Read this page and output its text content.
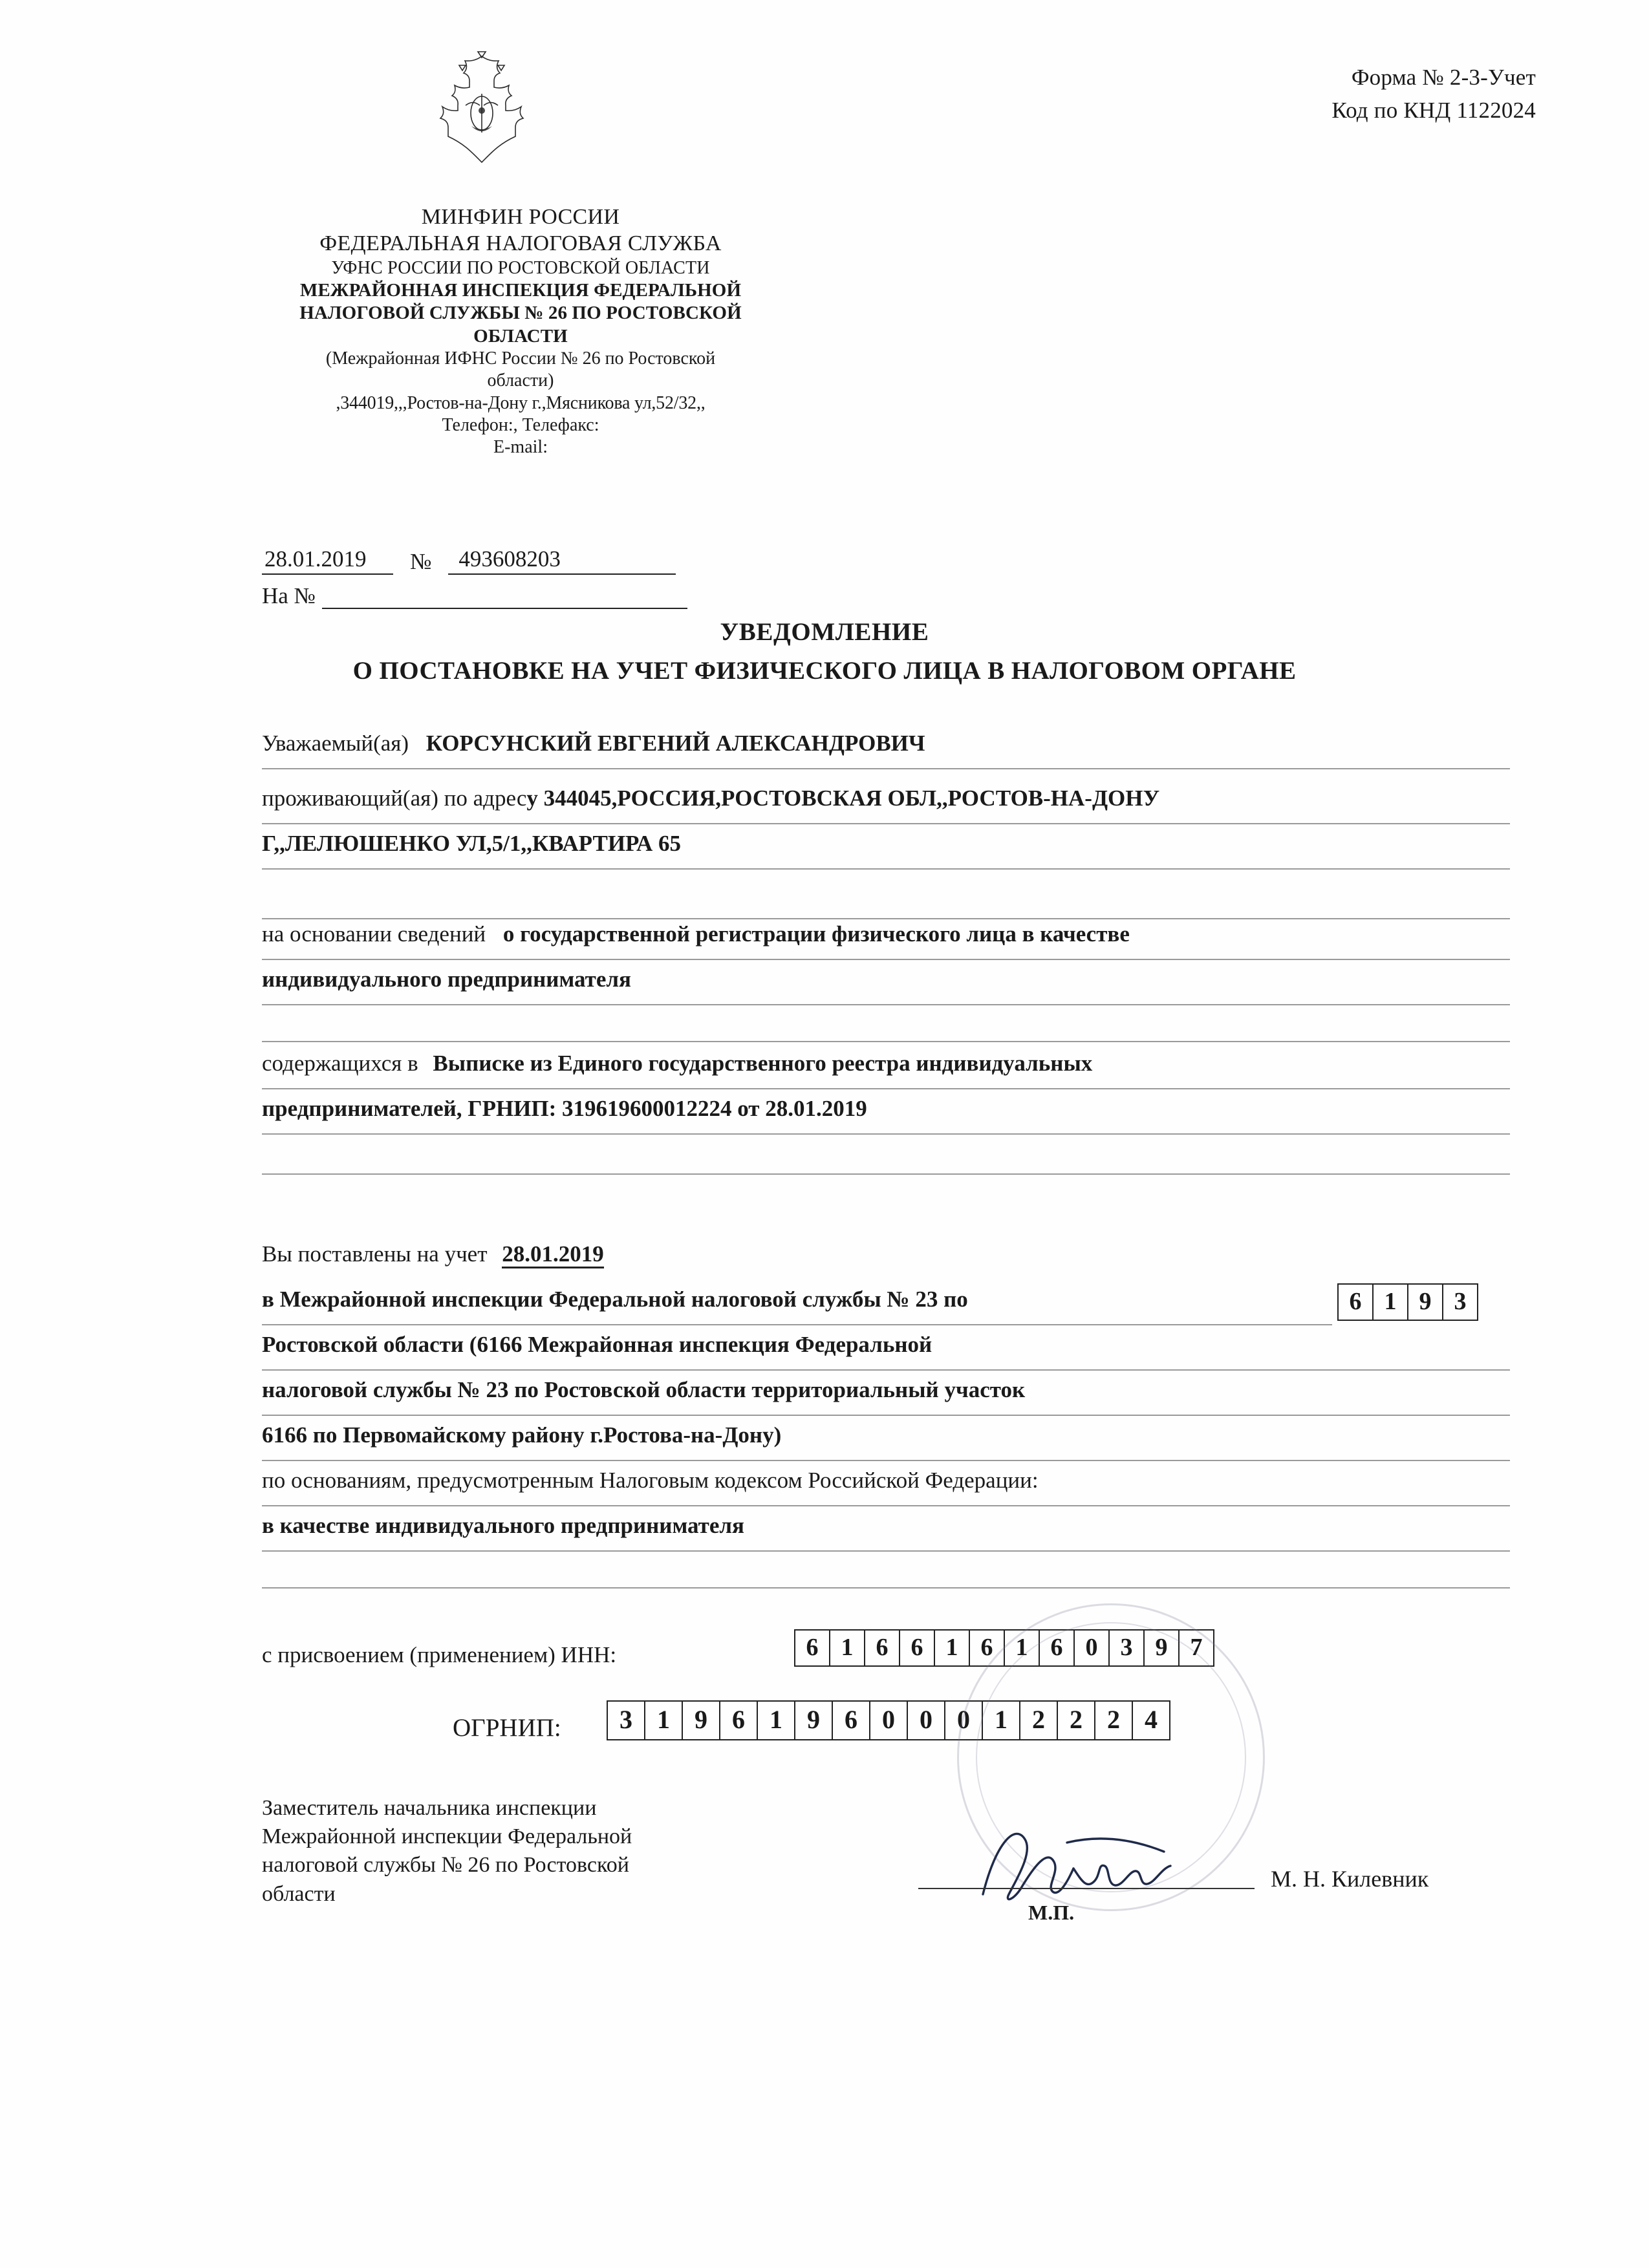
Форма № 2-3-Учет
Код по КНД 1122024
МИНФИН РОССИИ
ФЕДЕРАЛЬНАЯ НАЛОГОВАЯ СЛУЖБА
УФНС РОССИИ ПО РОСТОВСКОЙ ОБЛАСТИ
МЕЖРАЙОННАЯ ИНСПЕКЦИЯ ФЕДЕРАЛЬНОЙ
НАЛОГОВОЙ СЛУЖБЫ № 26 ПО РОСТОВСКОЙ
ОБЛАСТИ
(Межрайонная ИФНС России № 26 по Ростовской
области)
,344019,,,Ростов-на-Дону г.,Мясникова ул,52/32,,
Телефон:, Телефакс:
E-mail:
28.01.2019	№	493608203
На №
УВЕДОМЛЕНИЕ
О ПОСТАНОВКЕ НА УЧЕТ ФИЗИЧЕСКОГО ЛИЦА В НАЛОГОВОМ ОРГАНЕ
Уважаемый(ая) КОРСУНСКИЙ ЕВГЕНИЙ АЛЕКСАНДРОВИЧ
проживающий(ая) по адресу 344045,РОССИЯ,РОСТОВСКАЯ ОБЛ,,РОСТОВ-НА-ДОНУ
Г,,ЛЕЛЮШЕНКО УЛ,5/1,,КВАРТИРА 65
на основании сведений о государственной регистрации физического лица в качестве
индивидуального предпринимателя
содержащихся в Выписке из Единого государственного реестра индивидуальных
предпринимателей, ГРНИП: 319619600012224 от 28.01.2019
Вы поставлены на учет 28.01.2019
в Межрайонной инспекции Федеральной налоговой службы № 23 по
Ростовской области (6166 Межрайонная инспекция Федеральной
налоговой службы № 23 по Ростовской области территориальный участок
6166 по Первомайскому району г.Ростова-на-Дону)
6 1 9 3
по основаниям, предусмотренным Налоговым кодексом Российской Федерации:
в качестве индивидуального предпринимателя
с присвоением (применением) ИНН:	6 1 6 6 1 6 1 6 0 3 9 7
ОГРНИП:	3 1 9 6 1 9 6 0 0 0 1 2 2 2 4
Заместитель начальника инспекции
Межрайонной инспекции Федеральной
налоговой службы № 26 по Ростовской
области
М. Н. Килевник
М.П.
